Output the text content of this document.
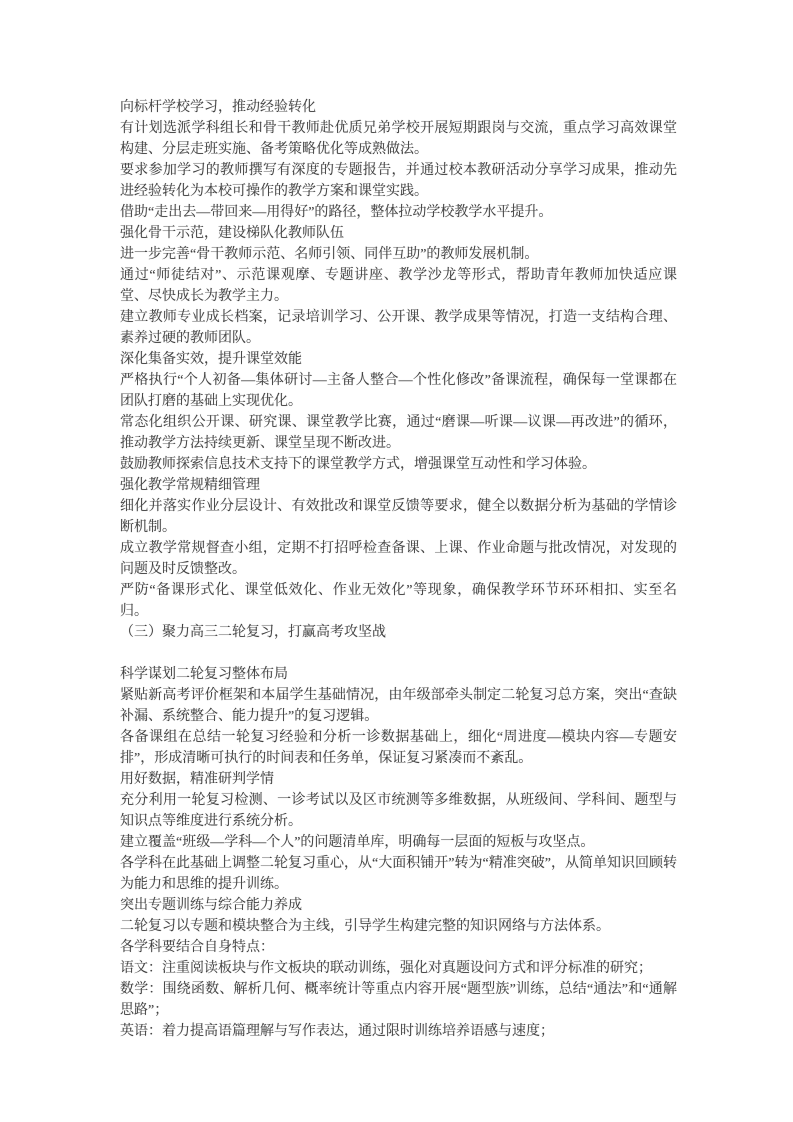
向标杆学校学习，推动经验转化

有计划选派学科组长和骨干教师赴优质兄弟学校开展短期跟岗与交流，重点学习高效课堂构建、分层走班实施、备考策略优化等成熟做法。

要求参加学习的教师撰写有深度的专题报告，并通过校本教研活动分享学习成果，推动先进经验转化为本校可操作的教学方案和课堂实践。

借助“走出去—带回来—用得好”的路径，整体拉动学校教学水平提升。

强化骨干示范，建设梯队化教师队伍

进一步完善“骨干教师示范、名师引领、同伴互助”的教师发展机制。

通过“师徒结对”、示范课观摩、专题讲座、教学沙龙等形式，帮助青年教师加快适应课堂、尽快成长为教学主力。

建立教师专业成长档案，记录培训学习、公开课、教学成果等情况，打造一支结构合理、素养过硬的教师团队。

深化集备实效，提升课堂效能

严格执行“个人初备—集体研讨—主备人整合—个性化修改”备课流程，确保每一堂课都在团队打磨的基础上实现优化。

常态化组织公开课、研究课、课堂教学比赛，通过“磨课—听课—议课—再改进”的循环，推动教学方法持续更新、课堂呈现不断改进。

鼓励教师探索信息技术支持下的课堂教学方式，增强课堂互动性和学习体验。

强化教学常规精细管理

细化并落实作业分层设计、有效批改和课堂反馈等要求，健全以数据分析为基础的学情诊断机制。

成立教学常规督查小组，定期不打招呼检查备课、上课、作业命题与批改情况，对发现的问题及时反馈整改。

严防“备课形式化、课堂低效化、作业无效化”等现象，确保教学环节环环相扣、实至名归。

（三）聚力高三二轮复习，打赢高考攻坚战

科学谋划二轮复习整体布局

紧贴新高考评价框架和本届学生基础情况，由年级部牵头制定二轮复习总方案，突出“查缺补漏、系统整合、能力提升”的复习逻辑。

各备课组在总结一轮复习经验和分析一诊数据基础上，细化“周进度—模块内容—专题安排”，形成清晰可执行的时间表和任务单，保证复习紧凑而不紊乱。

用好数据，精准研判学情

充分利用一轮复习检测、一诊考试以及区市统测等多维数据，从班级间、学科间、题型与知识点等维度进行系统分析。

建立覆盖“班级—学科—个人”的问题清单库，明确每一层面的短板与攻坚点。

各学科在此基础上调整二轮复习重心，从“大面积铺开”转为“精准突破”，从简单知识回顾转为能力和思维的提升训练。

突出专题训练与综合能力养成

二轮复习以专题和模块整合为主线，引导学生构建完整的知识网络与方法体系。

各学科要结合自身特点：

语文：注重阅读板块与作文板块的联动训练，强化对真题设问方式和评分标准的研究；

数学：围绕函数、解析几何、概率统计等重点内容开展“题型族”训练，总结“通法”和“通解思路”；

英语：着力提高语篇理解与写作表达，通过限时训练培养语感与速度；
